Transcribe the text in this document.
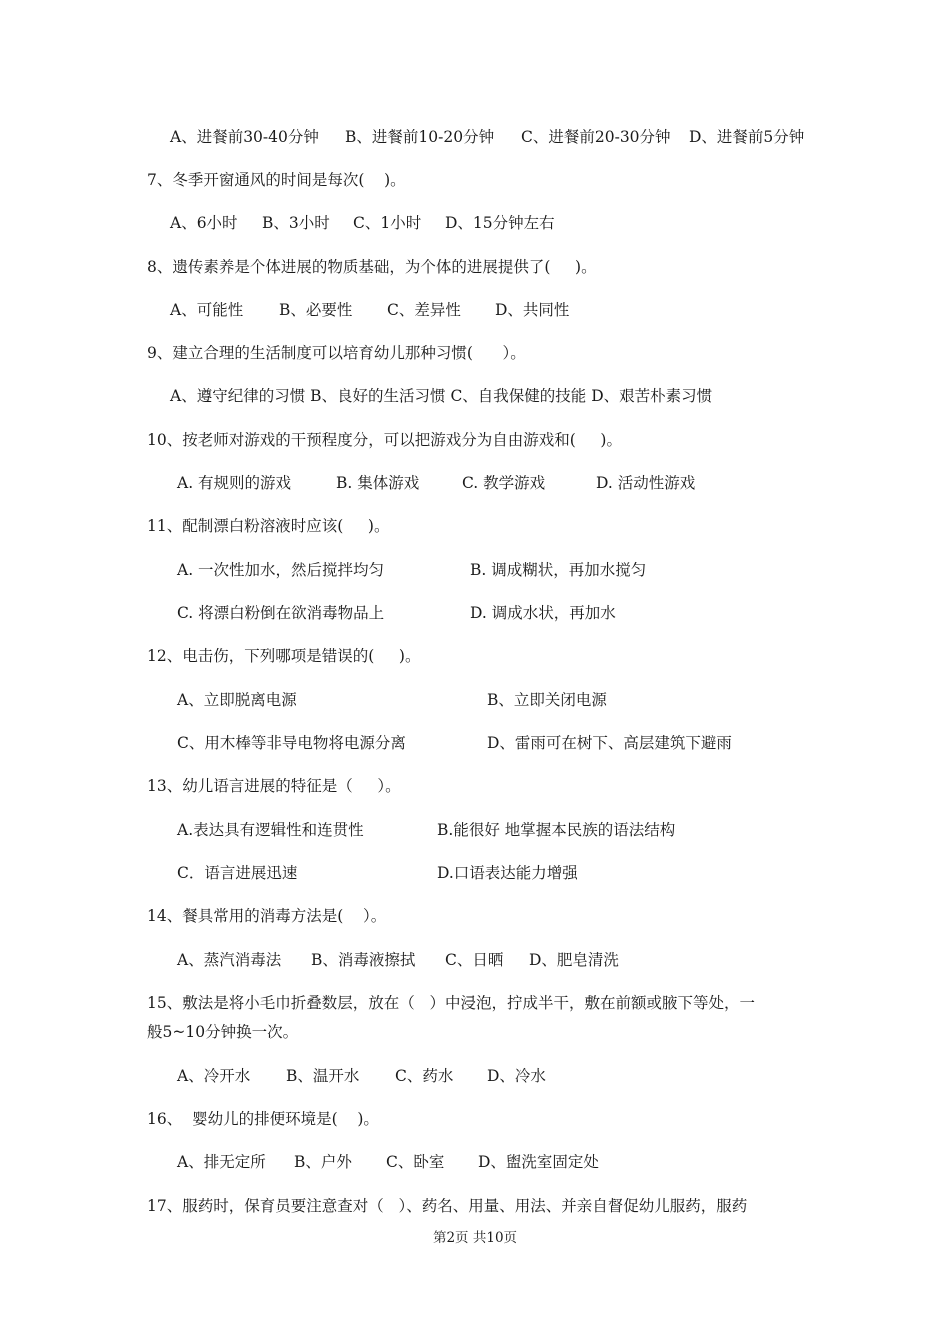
A、进餐前30-40分钟 B、进餐前10-20分钟 C、进餐前20-30分钟 D、进餐前5分钟
7、冬季开窗通风的时间是每次(    )。
A、6小时 B、3小时 C、1小时 D、15分钟左右
8、遗传素养是个体进展的物质基础，为个体的进展提供了(     )。
A、可能性 B、必要性 C、差异性 D、共同性
9、建立合理的生活制度可以培育幼儿那种习惯(      ）。
A、遵守纪律的习惯 B、良好的生活习惯 C、自我保健的技能 D、艰苦朴素习惯
10、按老师对游戏的干预程度分，可以把游戏分为自由游戏和(     )。
A. 有规则的游戏	B. 集体游戏	C. 教学游戏	D. 活动性游戏
11、配制漂白粉溶液时应该(     )。
A. 一次性加水，然后搅拌均匀	B. 调成糊状，再加水搅匀
C. 将漂白粉倒在欲消毒物品上	D. 调成水状，再加水
12、电击伤，下列哪项是错误的(     )。
A、立即脱离电源	B、立即关闭电源
C、用木棒等非导电物将电源分离	D、雷雨可在树下、高层建筑下避雨
13、幼儿语言进展的特征是（     ）。
A.表达具有逻辑性和连贯性	B.能很好 地掌握本民族的语法结构
C．语言进展迅速	D.口语表达能力增强
14、餐具常用的消毒方法是(    ）。
A、蒸汽消毒法 B、消毒液擦拭 C、日晒 D、肥皂清洗
15、敷法是将小毛巾折叠数层，放在（   ）中浸泡，拧成半干，敷在前额或腋下等处，一
般5~10分钟换一次。
A、冷开水 B、温开水 C、药水 D、冷水
16、  婴幼儿的排便环境是(    )。
A、排无定所 B、户外 C、卧室 D、盥洗室固定处
17、服药时，保育员要注意查对（   ）、药名、用量、用法、并亲自督促幼儿服药，服药
第2页 共10页
